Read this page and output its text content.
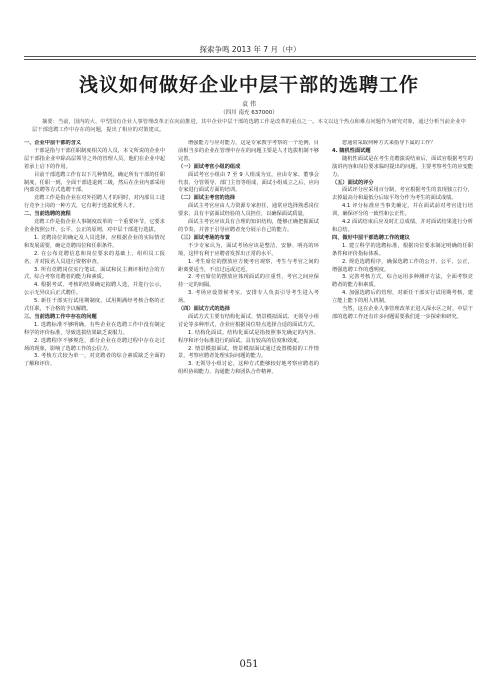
探索争鸣 2013 年 7 月（中）
浅议如何做好企业中层干部的选聘工作
袁 伟
（四川 南充 637000）
摘要：当前，国内的大、中型国有企业人事管理改革正在向前推进，其中企业中层干部的选聘工作是改革的重点之一。本文以这个热点和难点问题作为研究对象，通过分析当前企业中层干部选聘工作中存在的问题，提出了相应的对策建议。

一、企业中层干部的含义

干部是指与干部任职制度相关的人员，本文所说的企业中层干部指企业中除高层领导之外的管理人员，他们在企业中起着承上启下的作用。

目前干部选聘工作有以下几种情况，确定所有干部的任职制度，任职一到，全面干部进退到二级，然后在企业内部采用内部竞聘等方式选聘干部。

竞聘工作是指企业在对外招聘人才的同时，对内部员工进行竞争上岗的一种方式，它有利于选拔优秀人才。

二、当前选聘的流程

竞聘工作是指企业人事制度改革的一个重要环节，它要求企业按照公开、公平、公正的原则，对中层干部进行选拔。

1. 竞聘岗位的确定及人员选择，应根据企业的实际情况和发展需要，确定竞聘岗位和任职条件。

2. 在公布竞聘信息和岗位要求的基础上，组织员工报名，并对报名人员进行资格审查。

3. 所有竞聘岗位实行笔试、面试和民主测评相结合的方式，综合考察竞聘者的能力和素质。

4. 根据考试、考核的结果确定拟聘人选，并进行公示，公示无异议后正式聘任。

5. 新任干部实行试用期制度，试用期满经考核合格的正式任职，不合格的予以解聘。

三、当前选聘工作中存在的问题

1. 选聘标准不够明确，有些企业在选聘工作中没有制定科学的评价标准，导致选拔结果缺乏说服力。

2. 选聘程序不够规范，部分企业在竞聘过程中存在走过场的现象，影响了选聘工作的公信力。

3. 考核方式较为单一，对竞聘者的综合素质缺乏全面的了解和评价。

增强能力与应对能力，这是专家教学考察的一个范例，目前相当多的企业在管理中存在的问题主要是人才选拔机制不够完善。

（一）面试考官小组的组成

面试考官小组由 7 至 9 人组成为宜，应由专家、董事会代表、分管领导、部门主管等组成，面试小组成立之后，应向专家进行面试方面的培训。

（二）面试主考官的选择

面试主考官应由人力资源专家担任，通常应选择熟悉岗位要求、具有丰富面试经验的人员担任，以确保面试质量。

面试主考官应该具有合理的知识结构，能够正确把握面试的节奏，并善于引导应聘者充分展示自己的能力。

（三）面试考场的布置

不少专家认为，面试考场应该是整洁、安静、明亮的环境，这样有利于应聘者发挥出正常的水平。

1. 考生席位的摆放应方便考官观察，考生与考官之间的距离要适当，不宜过远或过近。

2. 考官席位的摆放应体现面试的庄重性，考官之间应保持一定的间隔。

3. 考场应设置候考室，安排专人负责引导考生进入考场。

（四）面试方式的选择

面试方式主要有结构化面试、情景模拟面试、无领导小组讨论等多种形式，企业应根据岗位特点选择合适的面试方式。

1. 结构化面试。结构化面试是指按照事先确定的内容、程序和评分标准进行的面试，具有较高的信度和效度。

2. 情景模拟面试。情景模拟面试通过设置模拟的工作情景，考察应聘者处理实际问题的能力。

3. 无领导小组讨论。这种方式能够较好地考察应聘者的组织协调能力、沟通能力和团队合作精神。

您通常采取何种方式来指导下属的工作？

4. 随机性面试题

随机性面试是在考生竞聘演说结束后，面试官根据考生的演讲内容和岗位要求临时提出的问题，主要考察考生的应变能力。

（五）面试的评分

面试评分应采用百分制，考官根据考生的表现独立打分，去掉最高分和最低分后取平均分作为考生的面试成绩。

4.1 评分标准应当事先确定，并在面试前对考官进行培训，确保评分的一致性和公正性。

4.2 面试结束后应及时汇总成绩，并对面试结果进行分析和总结。

四、做好中层干部选聘工作的建议

1. 建立科学的选聘标准，根据岗位要求制定明确的任职条件和评价指标体系。

2. 规范选聘程序，确保选聘工作的公开、公平、公正，增强选聘工作的透明度。

3. 完善考核方式，综合运用多种测评方法，全面考察竞聘者的能力和素质。

4. 加强选聘后的管理，对新任干部实行试用期考核，建立能上能下的用人机制。

当然，这在企业人事管理改革正进入深水区之时，中层干部的选聘工作还有许多问题需要我们进一步探索和研究。

051
